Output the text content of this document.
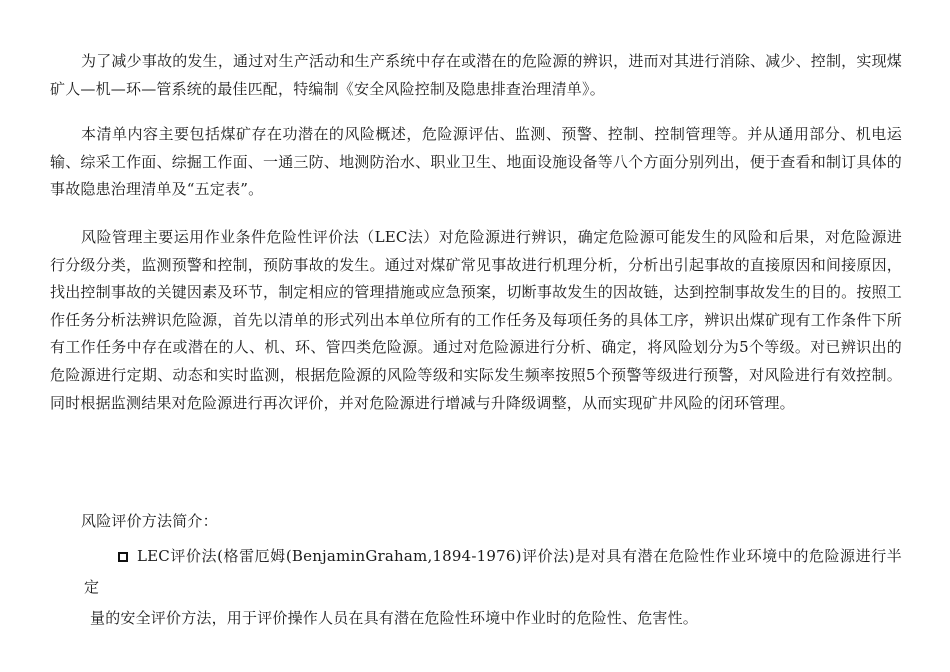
为了减少事故的发生，通过对生产活动和生产系统中存在或潜在的危险源的辨识，进而对其进行消除、减少、控制，实现煤矿人—机—环—管系统的最佳匹配，特编制《安全风险控制及隐患排查治理清单》。

本清单内容主要包括煤矿存在功潜在的风险概述，危险源评估、监测、预警、控制、控制管理等。并从通用部分、机电运输、综采工作面、综掘工作面、一通三防、地测防治水、职业卫生、地面设施设备等八个方面分别列出，便于查看和制订具体的事故隐患治理清单及“五定表”。

风险管理主要运用作业条件危险性评价法（LEC法）对危险源进行辨识，确定危险源可能发生的风险和后果，对危险源进行分级分类，监测预警和控制，预防事故的发生。通过对煤矿常见事故进行机理分析，分析出引起事故的直接原因和间接原因，找出控制事故的关键因素及环节，制定相应的管理措施或应急预案，切断事故发生的因故链，达到控制事故发生的目的。按照工作任务分析法辨识危险源，首先以清单的形式列出本单位所有的工作任务及每项任务的具体工序，辨识出煤矿现有工作条件下所有工作任务中存在或潜在的人、机、环、管四类危险源。通过对危险源进行分析、确定，将风险划分为5个等级。对已辨识出的危险源进行定期、动态和实时监测，根据危险源的风险等级和实际发生频率按照5个预警等级进行预警，对风险进行有效控制。同时根据监测结果对危险源进行再次评价，并对危险源进行增减与升降级调整，从而实现矿井风险的闭环管理。

风险评价方法简介：

LEC评价法(格雷厄姆(BenjaminGraham,1894-1976)评价法)是对具有潜在危险性作业环境中的危险源进行半定
量的安全评价方法，用于评价操作人员在具有潜在危险性环境中作业时的危险性、危害性。
